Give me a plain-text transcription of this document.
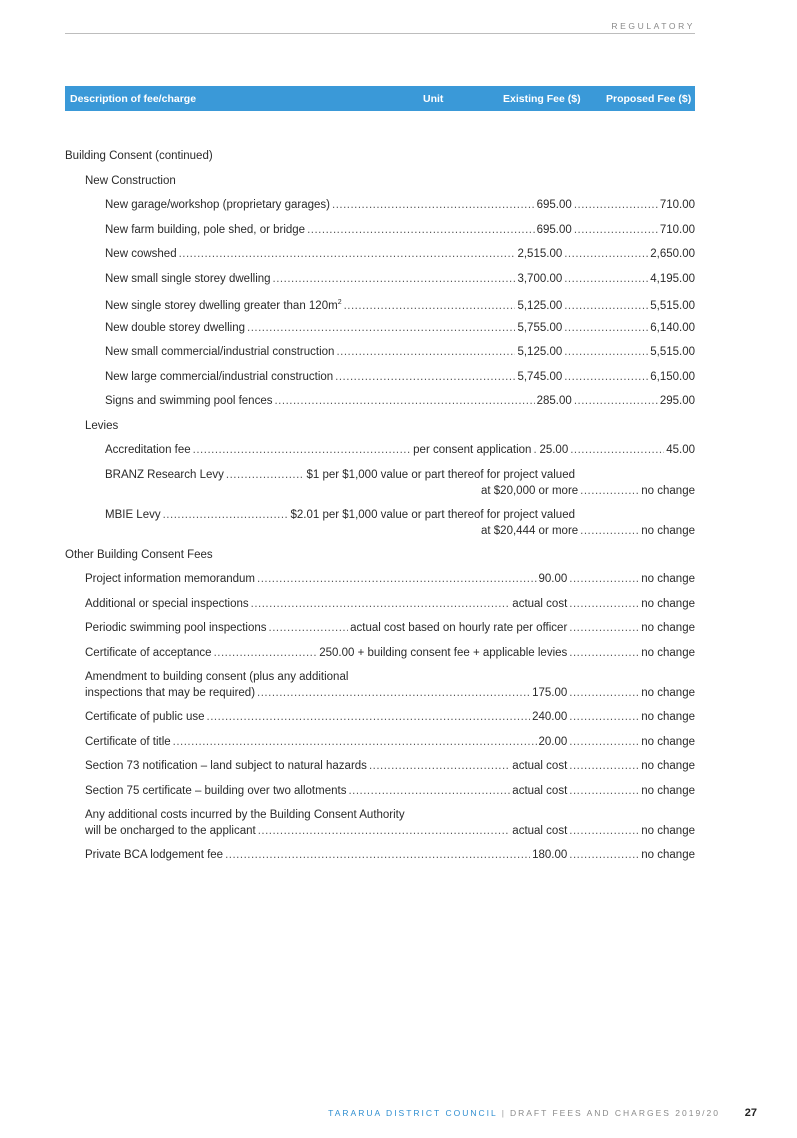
REGULATORY
Description of fee/charge	Unit	Existing Fee ($) Proposed Fee ($)
Building Consent (continued)
New Construction
New garage/workshop (proprietary garages) .....	695.00 .....	710.00
New farm building, pole shed, or bridge .....	695.00 .....	710.00
New cowshed .....	2,515.00 .....	2,650.00
New small single storey dwelling .....	3,700.00 .....	4,195.00
New single storey dwelling greater than $120m^2$ .....	5,125.00 .....	5,515.00
New double storey dwelling .....	5,755.00 .....	6,140.00
New small commercial/industrial construction .....	5,125.00 .....	5,515.00
New large commercial/industrial construction .....	5,745.00 .....	6,150.00
Signs and swimming pool fences .....	285.00 .....	295.00
Levies
Accreditation fee .....	per consent application ..... 25.00 .....	45.00
BRANZ Research Levy .....	$1 per $1,000 value or part thereof for project valued
at $20,000 or more .....	no change
MBIE Levy .....	$2.01 per $1,000 value or part thereof for project valued
at $20,444 or more .....	no change
Other Building Consent Fees
Project information memorandum .....	90.00 .....	no change
Additional or special inspections .....	actual cost .....	no change
Periodic swimming pool inspections .....	actual cost based on hourly rate per officer .....	no change
Certificate of acceptance .....	250.00 + building consent fee + applicable levies .....	no change
Amendment to building consent (plus any additional
inspections that may be required) .....	175.00 .....	no change
Certificate of public use .....	240.00 .....	no change
Certificate of title .....	20.00 .....	no change
Section 73 notification – land subject to natural hazards .....	actual cost .....	no change
Section 75 certificate – building over two allotments .....	actual cost .....	no change
Any additional costs incurred by the Building Consent Authority
will be oncharged to the applicant .....	actual cost .....	no change
Private BCA lodgement fee .....	180.00 .....	no change
TARARUA DISTRICT COUNCIL | DRAFT FEES AND CHARGES 2019/20 27
